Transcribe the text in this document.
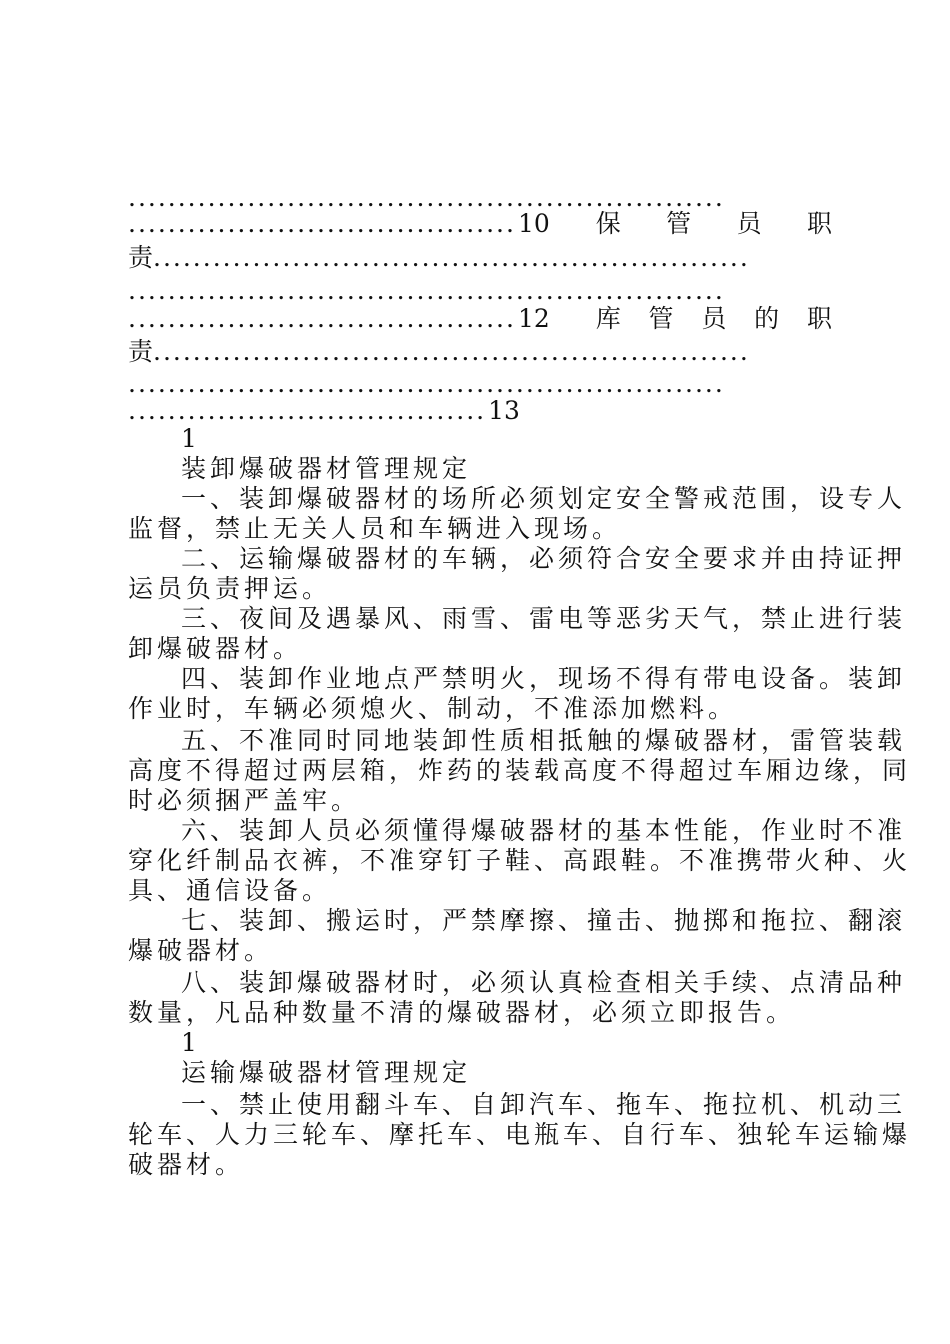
............................................................
....................................... 10 保 管 员 职
责............................................................
............................................................
....................................... 12 库 管 员 的 职
责............................................................
............................................................
.................................... 13
1
装卸爆破器材管理规定
一、装卸爆破器材的场所必须划定安全警戒范围，设专人
监督，禁止无关人员和车辆进入现场。
二、运输爆破器材的车辆，必须符合安全要求并由持证押
运员负责押运。
三、夜间及遇暴风、雨雪、雷电等恶劣天气，禁止进行装
卸爆破器材。
四、装卸作业地点严禁明火，现场不得有带电设备。装卸
作业时，车辆必须熄火、制动，不准添加燃料。
五、不准同时同地装卸性质相抵触的爆破器材，雷管装载
高度不得超过两层箱，炸药的装载高度不得超过车厢边缘，同
时必须捆严盖牢。
六、装卸人员必须懂得爆破器材的基本性能，作业时不准
穿化纤制品衣裤，不准穿钉子鞋、高跟鞋。不准携带火种、火
具、通信设备。
七、装卸、搬运时，严禁摩擦、撞击、抛掷和拖拉、翻滚
爆破器材。
八、装卸爆破器材时，必须认真检查相关手续、点清品种
数量，凡品种数量不清的爆破器材，必须立即报告。
1
运输爆破器材管理规定
一、禁止使用翻斗车、自卸汽车、拖车、拖拉机、机动三
轮车、人力三轮车、摩托车、电瓶车、自行车、独轮车运输爆
破器材。
